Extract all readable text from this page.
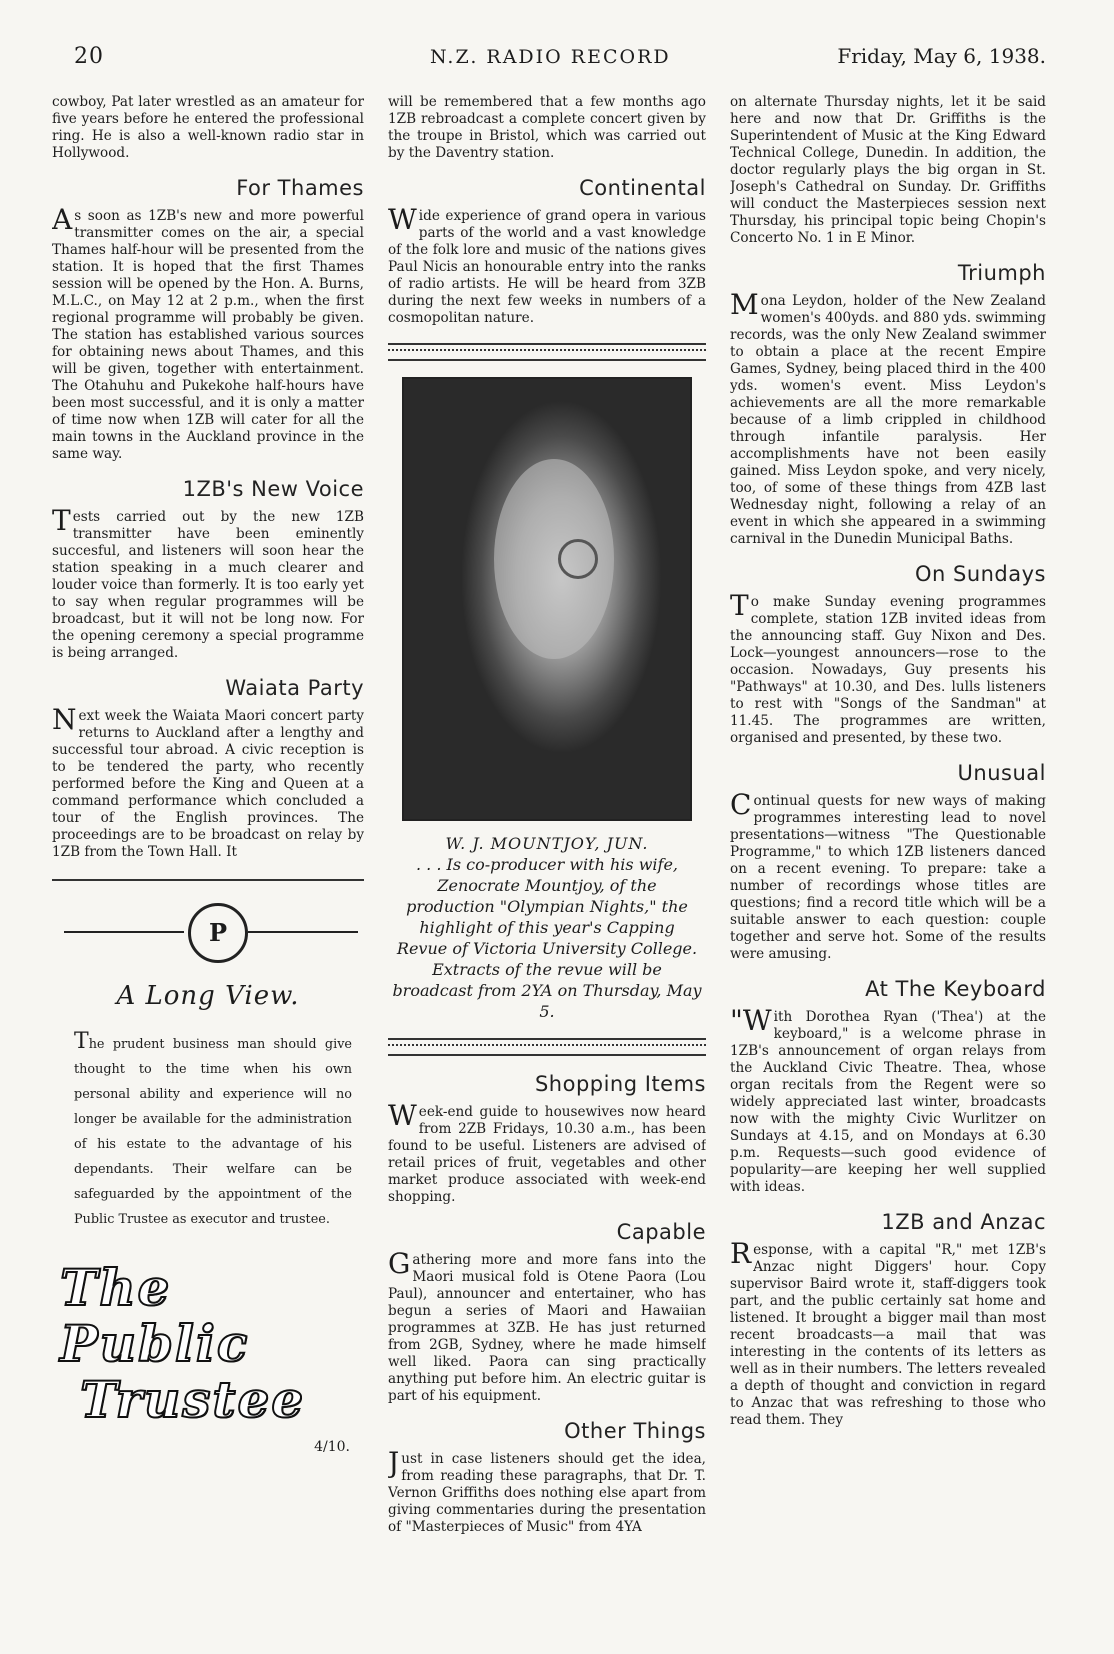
20	N.Z. RADIO RECORD	Friday, May 6, 1938.

cowboy, Pat later wrestled as an amateur for five years before he entered the professional ring. He is also a well-known radio star in Hollywood.

For Thames

As soon as 1ZB's new and more powerful transmitter comes on the air, a special Thames half-hour will be presented from the station. It is hoped that the first Thames session will be opened by the Hon. A. Burns, M.L.C., on May 12 at 2 p.m., when the first regional programme will probably be given. The station has established various sources for obtaining news about Thames, and this will be given, together with entertainment. The Otahuhu and Pukekohe half-hours have been most successful, and it is only a matter of time now when 1ZB will cater for all the main towns in the Auckland province in the same way.

1ZB's New Voice

Tests carried out by the new 1ZB transmitter have been eminently succesful, and listeners will soon hear the station speaking in a much clearer and louder voice than formerly. It is too early yet to say when regular programmes will be broadcast, but it will not be long now. For the opening ceremony a special programme is being arranged.

Waiata Party

Next week the Waiata Maori concert party returns to Auckland after a lengthy and successful tour abroad. A civic reception is to be tendered the party, who recently performed before the King and Queen at a command performance which concluded a tour of the English provinces. The proceedings are to be broadcast on relay by 1ZB from the Town Hall. It

P
A Long View.
The prudent business man should give thought to the time when his own personal ability and experience will no longer be available for the administration of his estate to the advantage of his dependants. Their welfare can be safeguarded by the appointment of the Public Trustee as executor and trustee.
The Public
Trustee
4/10.

will be remembered that a few months ago 1ZB rebroadcast a complete concert given by the troupe in Bristol, which was carried out by the Daventry station.

Continental

Wide experience of grand opera in various parts of the world and a vast knowledge of the folk lore and music of the nations gives Paul Nicis an honourable entry into the ranks of radio artists. He will be heard from 3ZB during the next few weeks in numbers of a cosmopolitan nature.

W. J. MOUNTJOY, JUN.
. . . Is co-producer with his wife, Zenocrate Mountjoy, of the production "Olympian Nights," the highlight of this year's Capping Revue of Victoria University College. Extracts of the revue will be broadcast from 2YA on Thursday, May 5.
Shopping Items

Week-end guide to housewives now heard from 2ZB Fridays, 10.30 a.m., has been found to be useful. Listeners are advised of retail prices of fruit, vegetables and other market produce associated with week-end shopping.

Capable

Gathering more and more fans into the Maori musical fold is Otene Paora (Lou Paul), announcer and entertainer, who has begun a series of Maori and Hawaiian programmes at 3ZB. He has just returned from 2GB, Sydney, where he made himself well liked. Paora can sing practically anything put before him. An electric guitar is part of his equipment.

Other Things

Just in case listeners should get the idea, from reading these paragraphs, that Dr. T. Vernon Griffiths does nothing else apart from giving commentaries during the presentation of "Masterpieces of Music" from 4YA

on alternate Thursday nights, let it be said here and now that Dr. Griffiths is the Superintendent of Music at the King Edward Technical College, Dunedin. In addition, the doctor regularly plays the big organ in St. Joseph's Cathedral on Sunday. Dr. Griffiths will conduct the Masterpieces session next Thursday, his principal topic being Chopin's Concerto No. 1 in E Minor.

Triumph

Mona Leydon, holder of the New Zealand women's 400yds. and 880 yds. swimming records, was the only New Zealand swimmer to obtain a place at the recent Empire Games, Sydney, being placed third in the 400 yds. women's event. Miss Leydon's achievements are all the more remarkable because of a limb crippled in childhood through infantile paralysis. Her accomplishments have not been easily gained. Miss Leydon spoke, and very nicely, too, of some of these things from 4ZB last Wednesday night, following a relay of an event in which she appeared in a swimming carnival in the Dunedin Municipal Baths.

On Sundays

To make Sunday evening programmes complete, station 1ZB invited ideas from the announcing staff. Guy Nixon and Des. Lock—youngest announcers—rose to the occasion. Nowadays, Guy presents his "Pathways" at 10.30, and Des. lulls listeners to rest with "Songs of the Sandman" at 11.45. The programmes are written, organised and presented, by these two.

Unusual

Continual quests for new ways of making programmes interesting lead to novel presentations—witness "The Questionable Programme," to which 1ZB listeners danced on a recent evening. To prepare: take a number of recordings whose titles are questions; find a record title which will be a suitable answer to each question: couple together and serve hot. Some of the results were amusing.

At The Keyboard

"With Dorothea Ryan ('Thea') at the keyboard," is a welcome phrase in 1ZB's announcement of organ relays from the Auckland Civic Theatre. Thea, whose organ recitals from the Regent were so widely appreciated last winter, broadcasts now with the mighty Civic Wurlitzer on Sundays at 4.15, and on Mondays at 6.30 p.m. Requests—such good evidence of popularity—are keeping her well supplied with ideas.

1ZB and Anzac

Response, with a capital "R," met 1ZB's Anzac night Diggers' hour. Copy supervisor Baird wrote it, staff-diggers took part, and the public certainly sat home and listened. It brought a bigger mail than most recent broadcasts—a mail that was interesting in the contents of its letters as well as in their numbers. The letters revealed a depth of thought and conviction in regard to Anzac that was refreshing to those who read them. They
